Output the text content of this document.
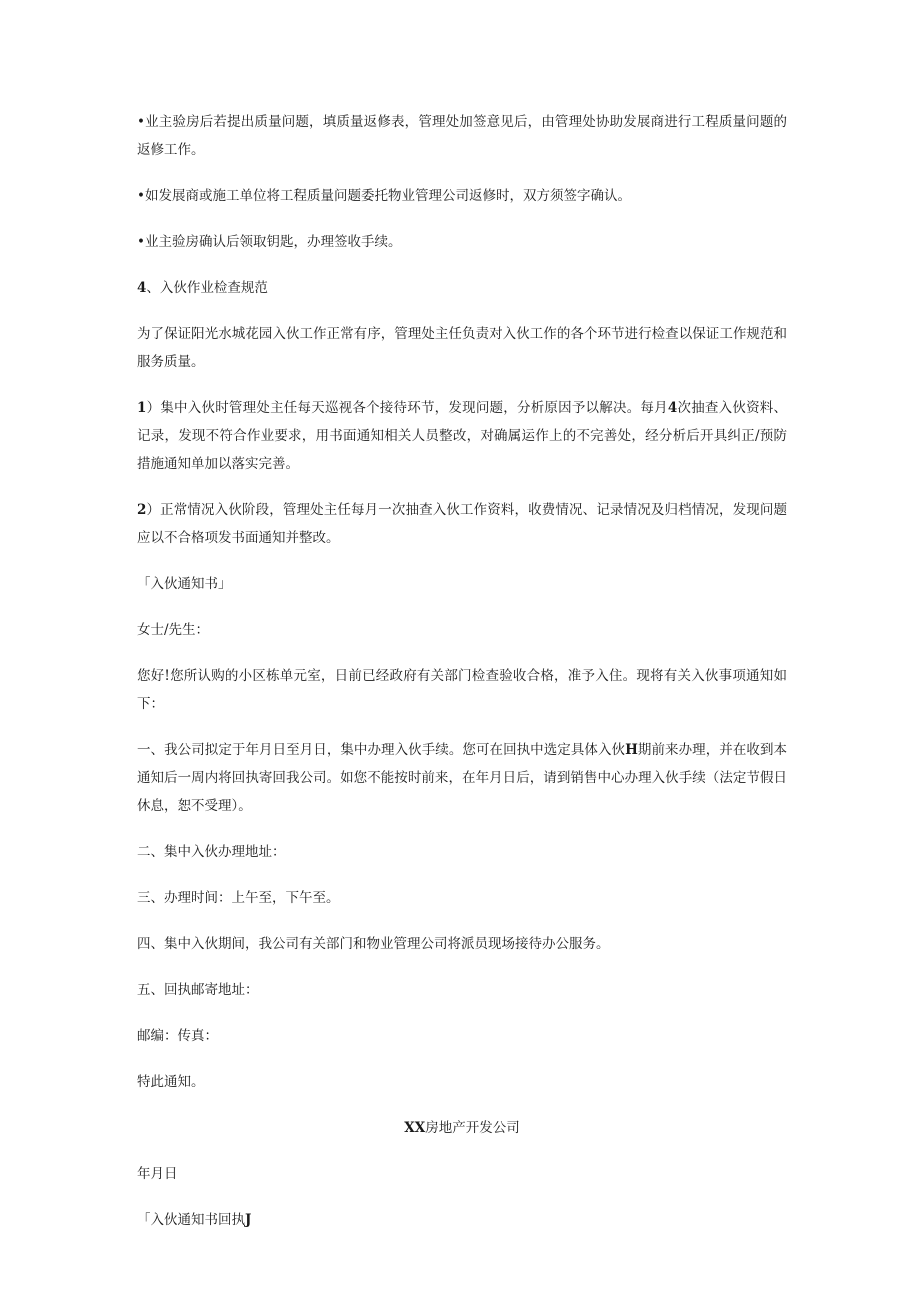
•业主验房后若提出质量问题，填质量返修表，管理处加签意见后，由管理处协助发展商进行工程质量问题的返修工作。

•如发展商或施工单位将工程质量问题委托物业管理公司返修时，双方须签字确认。

•业主验房确认后领取钥匙，办理签收手续。

4、入伙作业检查规范

为了保证阳光水城花园入伙工作正常有序，管理处主任负责对入伙工作的各个环节进行检查以保证工作规范和服务质量。

1）集中入伙时管理处主任每天巡视各个接待环节，发现问题，分析原因予以解决。每月4次抽查入伙资料、记录，发现不符合作业要求，用书面通知相关人员整改，对确属运作上的不完善处，经分析后开具纠正/预防措施通知单加以落实完善。

2）正常情况入伙阶段，管理处主任每月一次抽查入伙工作资料，收费情况、记录情况及归档情况，发现问题应以不合格项发书面通知并整改。

「入伙通知书」

女士/先生：

您好!您所认购的小区栋单元室，日前已经政府有关部门检查验收合格，准予入住。现将有关入伙事项通知如下：

一、我公司拟定于年月日至月日，集中办理入伙手续。您可在回执中选定具体入伙H期前来办理，并在收到本通知后一周内将回执寄回我公司。如您不能按时前来，在年月日后，请到销售中心办理入伙手续（法定节假日休息，恕不受理）。

二、集中入伙办理地址：

三、办理时间：上午至，下午至。

四、集中入伙期间，我公司有关部门和物业管理公司将派员现场接待办公服务。

五、回执邮寄地址：

邮编：传真：

特此通知。

XX房地产开发公司

年月日

「入伙通知书回执J
